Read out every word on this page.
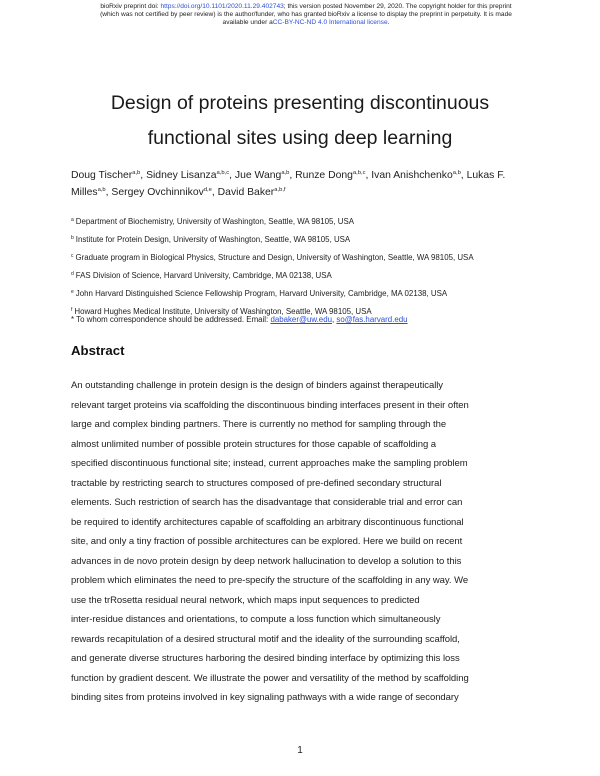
bioRxiv preprint doi: https://doi.org/10.1101/2020.11.29.402743; this version posted November 29, 2020. The copyright holder for this preprint
(which was not certified by peer review) is the author/funder, who has granted bioRxiv a license to display the preprint in perpetuity. It is made
available under aCC-BY-NC-ND 4.0 International license.
Design of proteins presenting discontinuous
functional sites using deep learning
Doug Tischer$^{a,b}$, Sidney Lisanza$^{a,b,c}$, Jue Wang$^{a,b}$, Runze Dong$^{a,b,c}$, Ivan Anishchenko$^{a,b}$, Lukas F.
Milles$^{a,b}$, Sergey Ovchinnikov$^{d,e}$, David Baker$^{a,b,f}$
$^a$ Department of Biochemistry, University of Washington, Seattle, WA 98105, USA
$^b$ Institute for Protein Design, University of Washington, Seattle, WA 98105, USA
$^c$ Graduate program in Biological Physics, Structure and Design, University of Washington, Seattle, WA 98105, USA
$^d$ FAS Division of Science, Harvard University, Cambridge, MA 02138, USA
$^e$ John Harvard Distinguished Science Fellowship Program, Harvard University, Cambridge, MA 02138, USA
$^f$ Howard Hughes Medical Institute, University of Washington, Seattle, WA 98105, USA
* To whom correspondence should be addressed. Email: dabaker@uw.edu, so@fas.harvard.edu
Abstract
An outstanding challenge in protein design is the design of binders against therapeutically
relevant target proteins via scaffolding the discontinuous binding interfaces present in their often
large and complex binding partners. There is currently no method for sampling through the
almost unlimited number of possible protein structures for those capable of scaffolding a
specified discontinuous functional site; instead, current approaches make the sampling problem
tractable by restricting search to structures composed of pre-defined secondary structural
elements. Such restriction of search has the disadvantage that considerable trial and error can
be required to identify architectures capable of scaffolding an arbitrary discontinuous functional
site, and only a tiny fraction of possible architectures can be explored. Here we build on recent
advances in de novo protein design by deep network hallucination to develop a solution to this
problem which eliminates the need to pre-specify the structure of the scaffolding in any way. We
use the trRosetta residual neural network, which maps input sequences to predicted
inter-residue distances and orientations, to compute a loss function which simultaneously
rewards recapitulation of a desired structural motif and the ideality of the surrounding scaffold,
and generate diverse structures harboring the desired binding interface by optimizing this loss
function by gradient descent. We illustrate the power and versatility of the method by scaffolding
binding sites from proteins involved in key signaling pathways with a wide range of secondary
1
